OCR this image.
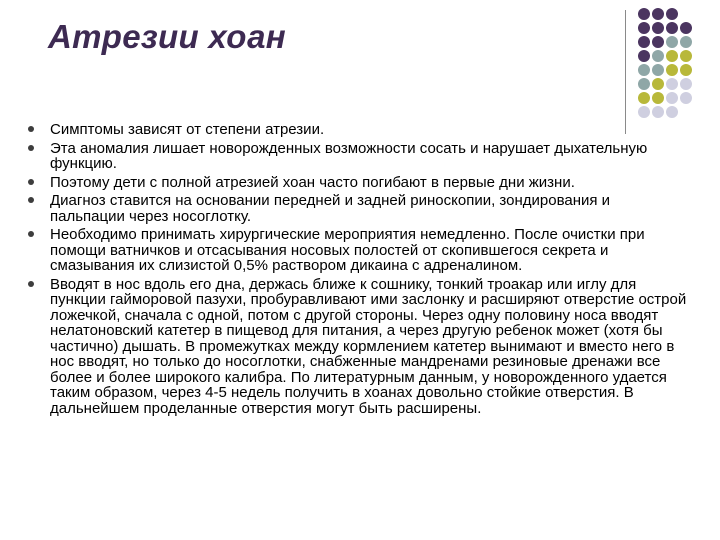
Атрезии хоан
Симптомы зависят от степени атрезии.
Эта аномалия лишает новорожденных возможности сосать и нарушает дыхательную функцию.
Поэтому дети с полной атрезией хоан часто погибают в первые дни жизни.
Диагноз ставится на основании передней и задней риноскопии, зондирования и пальпации через носоглотку.
Необходимо принимать хирургические мероприятия немедленно. После очистки при помощи ватничков и отсасывания носовых полостей от скопившегося секрета и смазывания их слизистой 0,5% раствором дикаина с адреналином.
Вводят в нос вдоль его дна, держась ближе к сошнику, тонкий троакар или иглу для пункции гайморовой пазухи, пробуравливают ими заслонку и расширяют отверстие острой ложечкой, сначала с одной, потом с другой стороны. Через одну половину носа вводят нелатоновский катетер в пищевод для питания, а через другую ребенок может (хотя бы частично) дышать. В промежутках между кормлением катетер вынимают и вместо него в нос вводят, но только до носоглотки, снабженные мандренами резиновые дренажи все более и более широкого калибра. По литературным данным, у новорожденного удается таким образом, через 4-5 недель получить в хоанах довольно стойкие отверстия. В дальнейшем проделанные отверстия могут быть расширены.
